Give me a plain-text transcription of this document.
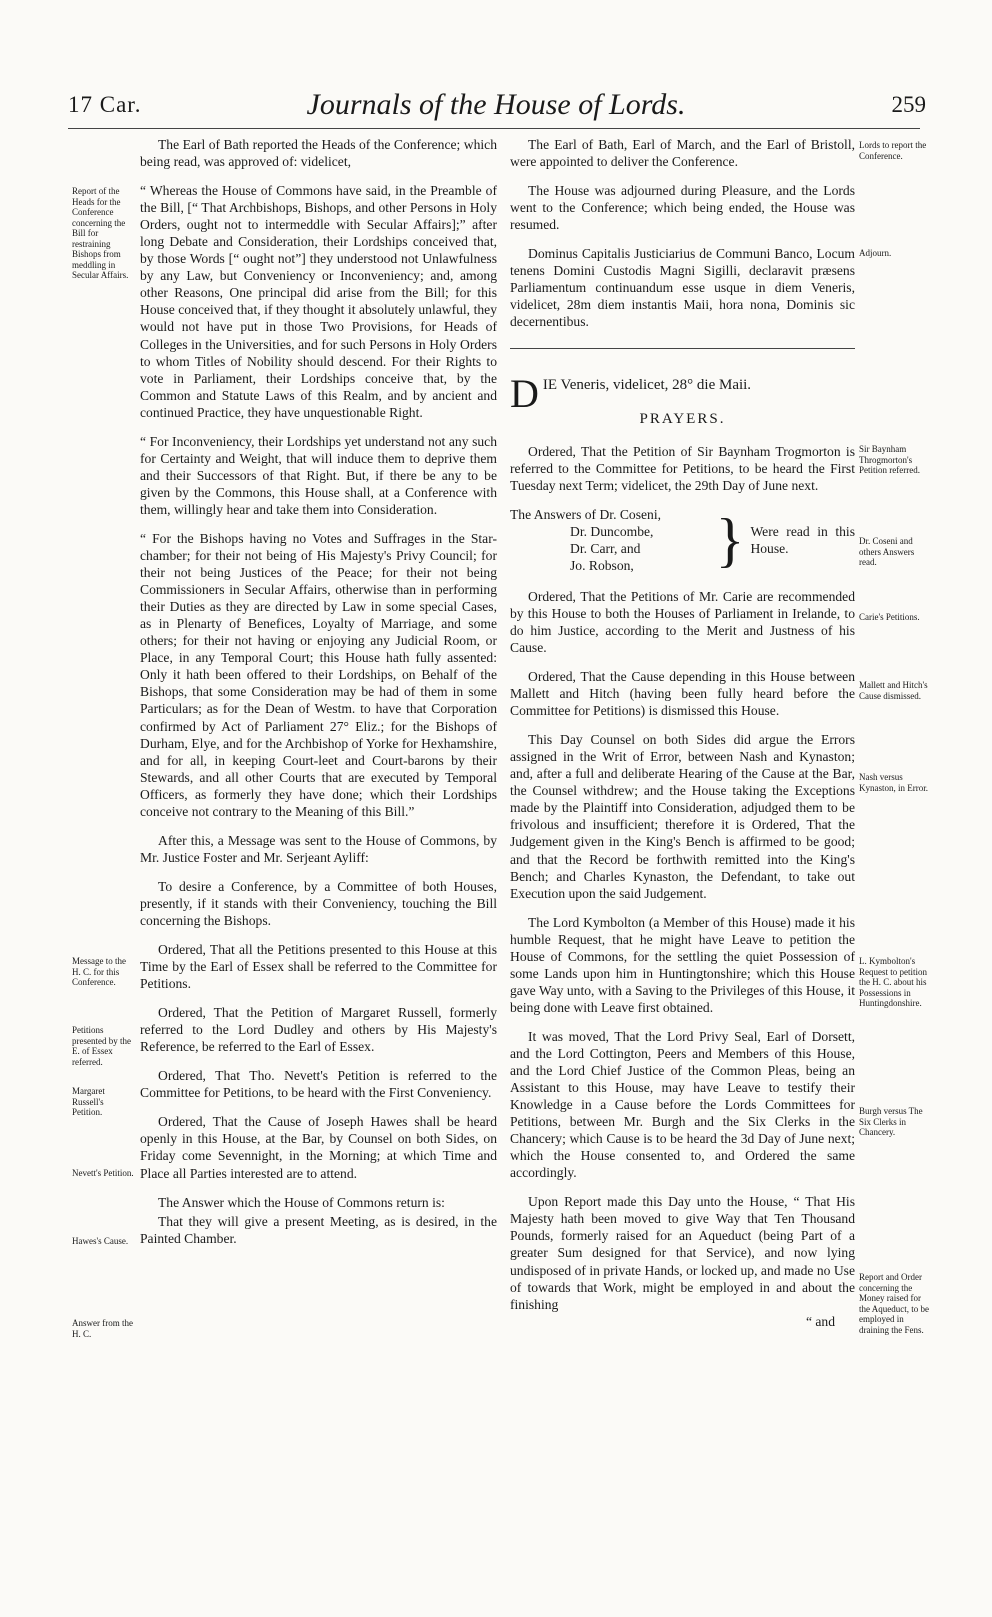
17 Car.	Journals of the House of Lords.	259
Report of the Heads for the Conference concerning the Bill for restraining Bishops from meddling in Secular Affairs.
Message to the H. C. for this Conference.
Petitions presented by the E. of Essex referred.
Margaret Russell's Petition.
Nevett's Petition.
Hawes's Cause.
Answer from the H. C.

The Earl of Bath reported the Heads of the Conference; which being read, was approved of: videlicet,

“ Whereas the House of Commons have said, in the Preamble of the Bill, [“ That Archbishops, Bishops, and other Persons in Holy Orders, ought not to intermeddle with Secular Affairs];” after long Debate and Consideration, their Lordships conceived that, by those Words [“ ought not”] they understood not Unlawfulness by any Law, but Conveniency or Inconveniency; and, among other Reasons, One principal did arise from the Bill; for this House conceived that, if they thought it absolutely unlawful, they would not have put in those Two Provisions, for Heads of Colleges in the Universities, and for such Persons in Holy Orders to whom Titles of Nobility should descend. For their Rights to vote in Parliament, their Lordships conceive that, by the Common and Statute Laws of this Realm, and by ancient and continued Practice, they have unquestionable Right.

“ For Inconveniency, their Lordships yet understand not any such for Certainty and Weight, that will induce them to deprive them and their Successors of that Right. But, if there be any to be given by the Commons, this House shall, at a Conference with them, willingly hear and take them into Consideration.

“ For the Bishops having no Votes and Suffrages in the Star-chamber; for their not being of His Majesty's Privy Council; for their not being Justices of the Peace; for their not being Commissioners in Secular Affairs, otherwise than in performing their Duties as they are directed by Law in some special Cases, as in Plenarty of Benefices, Loyalty of Marriage, and some others; for their not having or enjoying any Judicial Room, or Place, in any Temporal Court; this House hath fully assented: Only it hath been offered to their Lordships, on Behalf of the Bishops, that some Consideration may be had of them in some Particulars; as for the Dean of Westm. to have that Corporation confirmed by Act of Parliament 27° Eliz.; for the Bishops of Durham, Elye, and for the Archbishop of Yorke for Hexhamshire, and for all, in keeping Court-leet and Court-barons by their Stewards, and all other Courts that are executed by Temporal Officers, as formerly they have done; which their Lordships conceive not contrary to the Meaning of this Bill.”

After this, a Message was sent to the House of Commons, by Mr. Justice Foster and Mr. Serjeant Ayliff:

To desire a Conference, by a Committee of both Houses, presently, if it stands with their Conveniency, touching the Bill concerning the Bishops.

Ordered, That all the Petitions presented to this House at this Time by the Earl of Essex shall be referred to the Committee for Petitions.

Ordered, That the Petition of Margaret Russell, formerly referred to the Lord Dudley and others by His Majesty's Reference, be referred to the Earl of Essex.

Ordered, That Tho. Nevett's Petition is referred to the Committee for Petitions, to be heard with the First Conveniency.

Ordered, That the Cause of Joseph Hawes shall be heard openly in this House, at the Bar, by Counsel on both Sides, on Friday come Sevennight, in the Morning; at which Time and Place all Parties interested are to attend.

The Answer which the House of Commons return is:

That they will give a present Meeting, as is desired, in the Painted Chamber.

Lords to report the Conference.
Adjourn.
Sir Baynham Throgmorton's Petition referred.
Dr. Coseni and others Answers read.
Carie's Petitions.
Mallett and Hitch's Cause dismissed.
Nash versus Kynaston, in Error.
L. Kymbolton's Request to petition the H. C. about his Possessions in Huntingdonshire.
Burgh versus The Six Clerks in Chancery.
Report and Order concerning the Money raised for the Aqueduct, to be employed in draining the Fens.

The Earl of Bath, Earl of March, and the Earl of Bristoll, were appointed to deliver the Conference.

The House was adjourned during Pleasure, and the Lords went to the Conference; which being ended, the House was resumed.

Dominus Capitalis Justiciarius de Communi Banco, Locum tenens Domini Custodis Magni Sigilli, declaravit præsens Parliamentum continuandum esse usque in diem Veneris, videlicet, 28m diem instantis Maii, hora nona, Dominis sic decernentibus.

D IE Veneris, videlicet, 28° die Maii.
PRAYERS.

Ordered, That the Petition of Sir Baynham Trogmorton is referred to the Committee for Petitions, to be heard the First Tuesday next Term; videlicet, the 29th Day of June next.

The Answers of Dr. Coseni,
Dr. Duncombe,
Dr. Carr, and
Jo. Robson,	} Were read in this House.

Ordered, That the Petitions of Mr. Carie are recommended by this House to both the Houses of Parliament in Irelande, to do him Justice, according to the Merit and Justness of his Cause.

Ordered, That the Cause depending in this House between Mallett and Hitch (having been fully heard before the Committee for Petitions) is dismissed this House.

This Day Counsel on both Sides did argue the Errors assigned in the Writ of Error, between Nash and Kynaston; and, after a full and deliberate Hearing of the Cause at the Bar, the Counsel withdrew; and the House taking the Exceptions made by the Plaintiff into Consideration, adjudged them to be frivolous and insufficient; therefore it is Ordered, That the Judgement given in the King's Bench is affirmed to be good; and that the Record be forthwith remitted into the King's Bench; and Charles Kynaston, the Defendant, to take out Execution upon the said Judgement.

The Lord Kymbolton (a Member of this House) made it his humble Request, that he might have Leave to petition the House of Commons, for the settling the quiet Possession of some Lands upon him in Huntingtonshire; which this House gave Way unto, with a Saving to the Privileges of this House, it being done with Leave first obtained.

It was moved, That the Lord Privy Seal, Earl of Dorsett, and the Lord Cottington, Peers and Members of this House, and the Lord Chief Justice of the Common Pleas, being an Assistant to this House, may have Leave to testify their Knowledge in a Cause before the Lords Committees for Petitions, between Mr. Burgh and the Six Clerks in the Chancery; which Cause is to be heard the 3d Day of June next; which the House consented to, and Ordered the same accordingly.

Upon Report made this Day unto the House, “ That His Majesty hath been moved to give Way that Ten Thousand Pounds, formerly raised for an Aqueduct (being Part of a greater Sum designed for that Service), and now lying undisposed of in private Hands, or locked up, and made no Use of towards that Work, might be employed in and about the finishing

“ and
